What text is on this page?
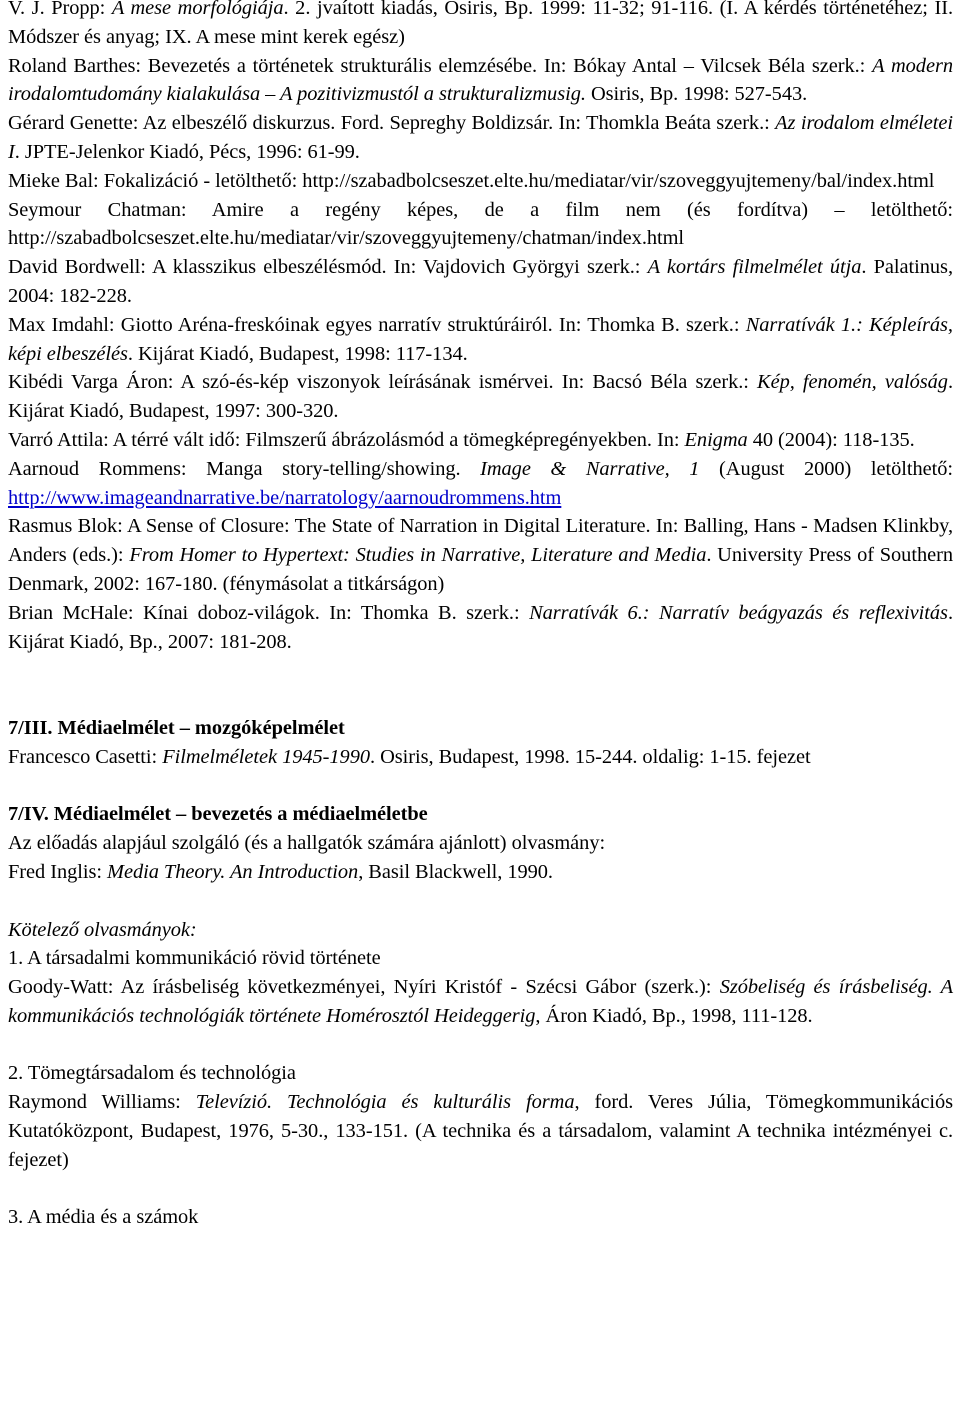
V. J. Propp: A mese morfológiája. 2. jvaított kiadás, Osiris, Bp. 1999: 11-32; 91-116. (I. A kérdés történetéhez; II. Módszer és anyag; IX. A mese mint kerek egész)

Roland Barthes: Bevezetés a történetek strukturális elemzésébe. In: Bókay Antal – Vilcsek Béla szerk.: A modern irodalomtudomány kialakulása – A pozitivizmustól a strukturalizmusig. Osiris, Bp. 1998: 527-543.

Gérard Genette: Az elbeszélő diskurzus. Ford. Sepreghy Boldizsár. In: Thomkla Beáta szerk.: Az irodalom elméletei I. JPTE-Jelenkor Kiadó, Pécs, 1996: 61-99.

Mieke Bal: Fokalizáció - letölthető: http://szabadbolcseszet.elte.hu/mediatar/vir/szoveggyujtemeny/bal/index.html

Seymour Chatman: Amire a regény képes, de a film nem (és fordítva) – letölthető: http://szabadbolcseszet.elte.hu/mediatar/vir/szoveggyujtemeny/chatman/index.html

David Bordwell: A klasszikus elbeszélésmód. In: Vajdovich Györgyi szerk.: A kortárs filmelmélet útja. Palatinus, 2004: 182-228.

Max Imdahl: Giotto Aréna-freskóinak egyes narratív struktúráiról. In: Thomka B. szerk.: Narratívák 1.: Képleírás, képi elbeszélés. Kijárat Kiadó, Budapest, 1998: 117-134.

Kibédi Varga Áron: A szó-és-kép viszonyok leírásának ismérvei. In: Bacsó Béla szerk.: Kép, fenomén, valóság. Kijárat Kiadó, Budapest, 1997: 300-320.

Varró Attila: A térré vált idő: Filmszerű ábrázolásmód a tömegképregényekben. In: Enigma 40 (2004): 118-135.

Aarnoud Rommens: Manga story-telling/showing. Image & Narrative, 1 (August 2000) letölthető: http://www.imageandnarrative.be/narratology/aarnoudrommens.htm

Rasmus Blok: A Sense of Closure: The State of Narration in Digital Literature. In: Balling, Hans - Madsen Klinkby, Anders (eds.): From Homer to Hypertext: Studies in Narrative, Literature and Media. University Press of Southern Denmark, 2002: 167-180. (fénymásolat a titkárságon)

Brian McHale: Kínai doboz-világok. In: Thomka B. szerk.: Narratívák 6.: Narratív beágyazás és reflexivitás. Kijárat Kiadó, Bp., 2007: 181-208.

7/III. Médiaelmélet – mozgóképelmélet

Francesco Casetti: Filmelméletek 1945-1990. Osiris, Budapest, 1998. 15-244. oldalig: 1-15. fejezet

7/IV. Médiaelmélet – bevezetés a médiaelméletbe

Az előadás alapjául szolgáló (és a hallgatók számára ajánlott) olvasmány:

Fred Inglis: Media Theory. An Introduction, Basil Blackwell, 1990.

Kötelező olvasmányok:

1. A társadalmi kommunikáció rövid története

Goody-Watt: Az írásbeliség következményei, Nyíri Kristóf - Szécsi Gábor (szerk.): Szóbeliség és írásbeliség. A kommunikációs technológiák története Homérosztól Heideggerig, Áron Kiadó, Bp., 1998, 111-128.

2. Tömegtársadalom és technológia

Raymond Williams: Televízió. Technológia és kulturális forma, ford. Veres Júlia, Tömegkommunikációs Kutatóközpont, Budapest, 1976, 5-30., 133-151. (A technika és a társadalom, valamint A technika intézményei c. fejezet)

3. A média és a számok
